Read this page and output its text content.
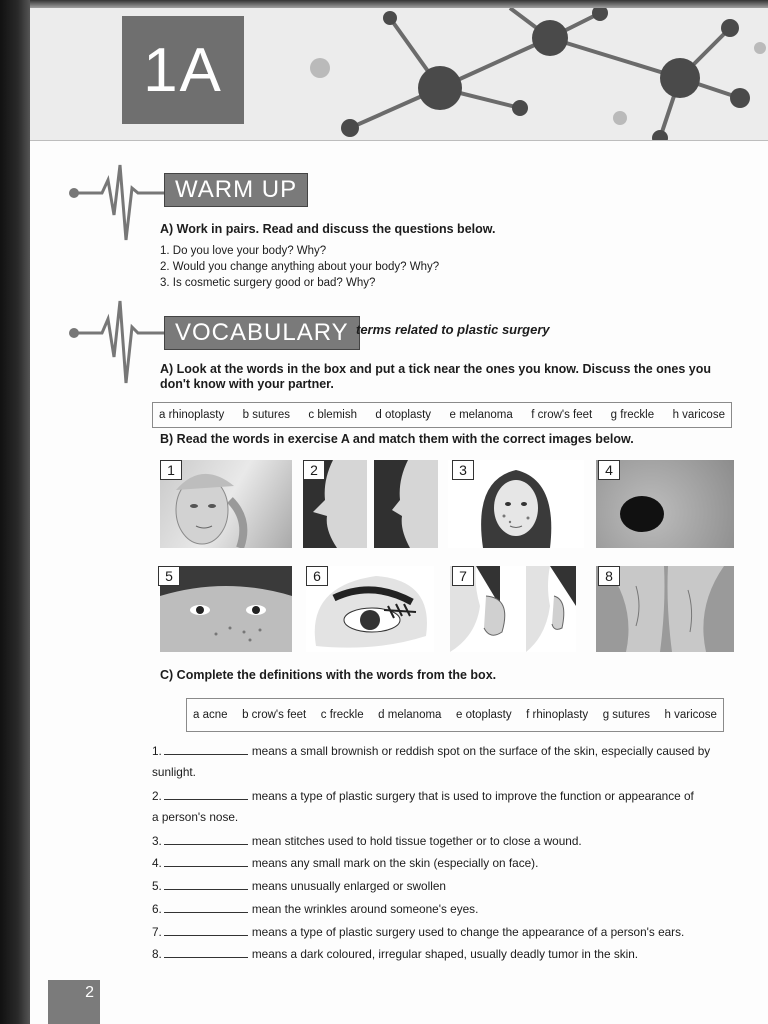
1A
WARM UP
A) Work in pairs. Read and discuss the questions below.
1. Do you love your body? Why?
2. Would you change anything about your body? Why?
3. Is cosmetic surgery good or bad? Why?
VOCABULARY terms related to plastic surgery
A) Look at the words in the box and put a tick near the ones you know. Discuss the ones you don't know with your partner.
a rhinoplasty b sutures c blemish d otoplasty e melanoma f crow's feet g freckle h varicose
B) Read the words in exercise A and match them with the correct images below.
1	2	3	4
5	6	7	8
C) Complete the definitions with the words from the box.
a acne b crow's feet c freckle d melanoma e otoplasty f rhinoplasty g sutures h varicose
1.	means a small brownish or reddish spot on the surface of the skin, especially caused by
sunlight.
2.	means a type of plastic surgery that is used to improve the function or appearance of
a person's nose.
3.	mean stitches used to hold tissue together or to close a wound.
4.	means any small mark on the skin (especially on face).
5.	means unusually enlarged or swollen
6.	mean the wrinkles around someone's eyes.
7.	means a type of plastic surgery used to change the appearance of a person's ears.
8.	means a dark coloured, irregular shaped, usually deadly tumor in the skin.
2
